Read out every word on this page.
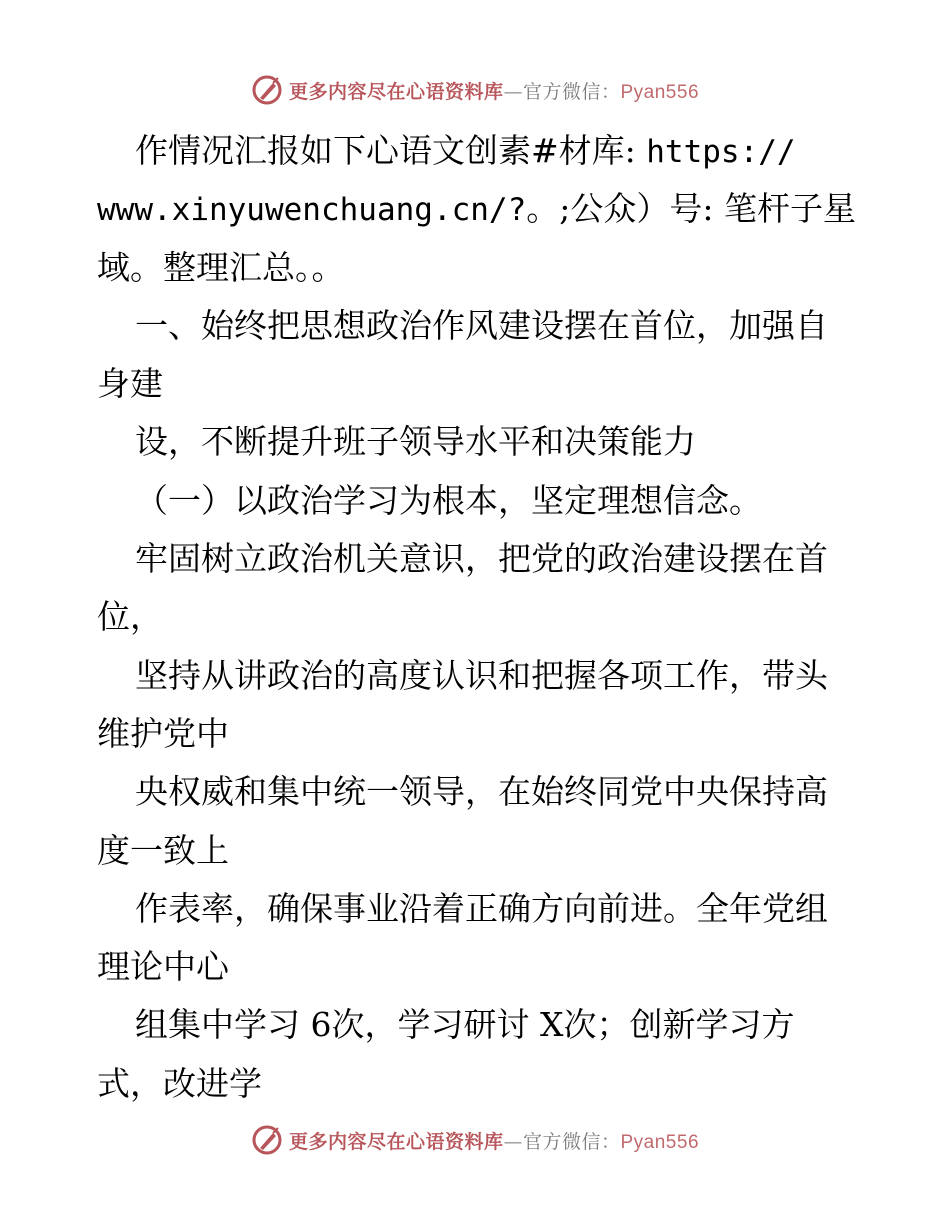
更多内容尽在心语资料库—官方微信：Pyan556
作情况汇报如下心语文创素#材库: https://
www.xinyuwenchuang.cn/?。;公众）号: 笔杆子星
域。整理汇总。。
一、始终把思想政治作风建设摆在首位，加强自
身建
设，不断提升班子领导水平和决策能力
（一）以政治学习为根本，坚定理想信念。
牢固树立政治机关意识，把党的政治建设摆在首
位，
坚持从讲政治的高度认识和把握各项工作，带头
维护党中
央权威和集中统一领导，在始终同党中央保持高
度一致上
作表率，确保事业沿着正确方向前进。全年党组
理论中心
组集中学习 6次，学习研讨 X次；创新学习方
式，改进学
更多内容尽在心语资料库—官方微信：Pyan556
